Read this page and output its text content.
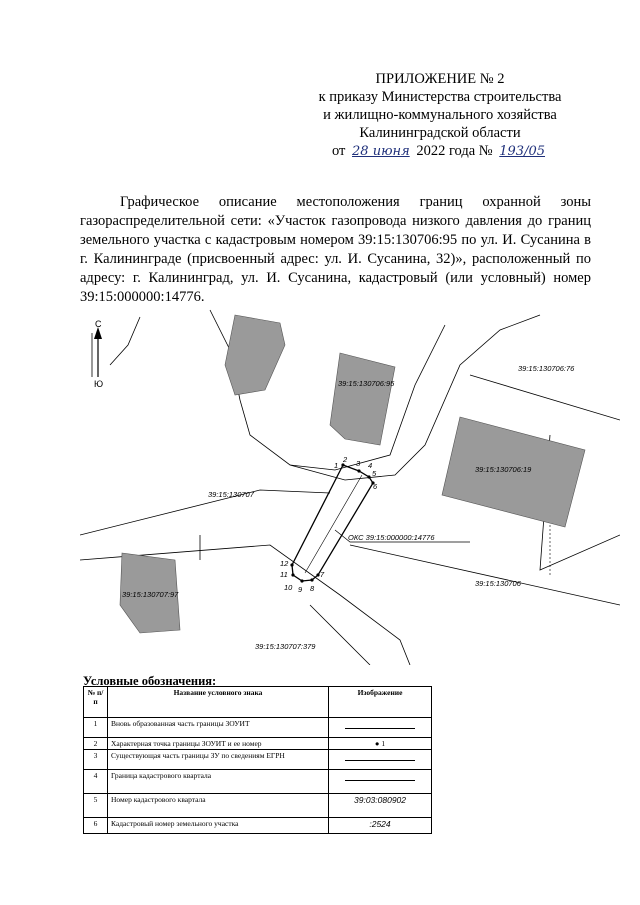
ПРИЛОЖЕНИЕ № 2
к приказу Министерства строительства
и жилищно-коммунального хозяйства
Калининградской области
от 28 июня 2022 года № 193/05

Графическое описание местоположения границ охранной зоны газораспределительной сети: «Участок газопровода низкого давления до границ земельного участка с кадастровым номером 39:15:130706:95 по ул. И. Сусанина в г. Калининграде (присвоенный адрес: ул. И. Сусанина, 32)», расположенный по адресу: г. Калининград, ул. И. Сусанина, кадастровый (или условный) номер 39:15:000000:14776.

С
Ю
1
2 3 4
5
6
7
8
9
10
11
12
39:15:130706:95
39:15:130706:76
39:15:130706:19
39:15:130707
ОКС 39:15:000000:14776
39:15:130707:97
39:15:130706
39:15:130707:379
Условные обозначения:
№ п/ п	Название условного знака	Изображение
1	Вновь образованная часть границы ЗОУИТ	
2	Характерная точка границы ЗОУИТ и ее номер	● 1
3	Существующая часть границы ЗУ по сведениям ЕГРН	
4	Граница кадастрового квартала	
5	Номер кадастрового квартала	39:03:080902
6	Кадастровый номер земельного участка	:2524
